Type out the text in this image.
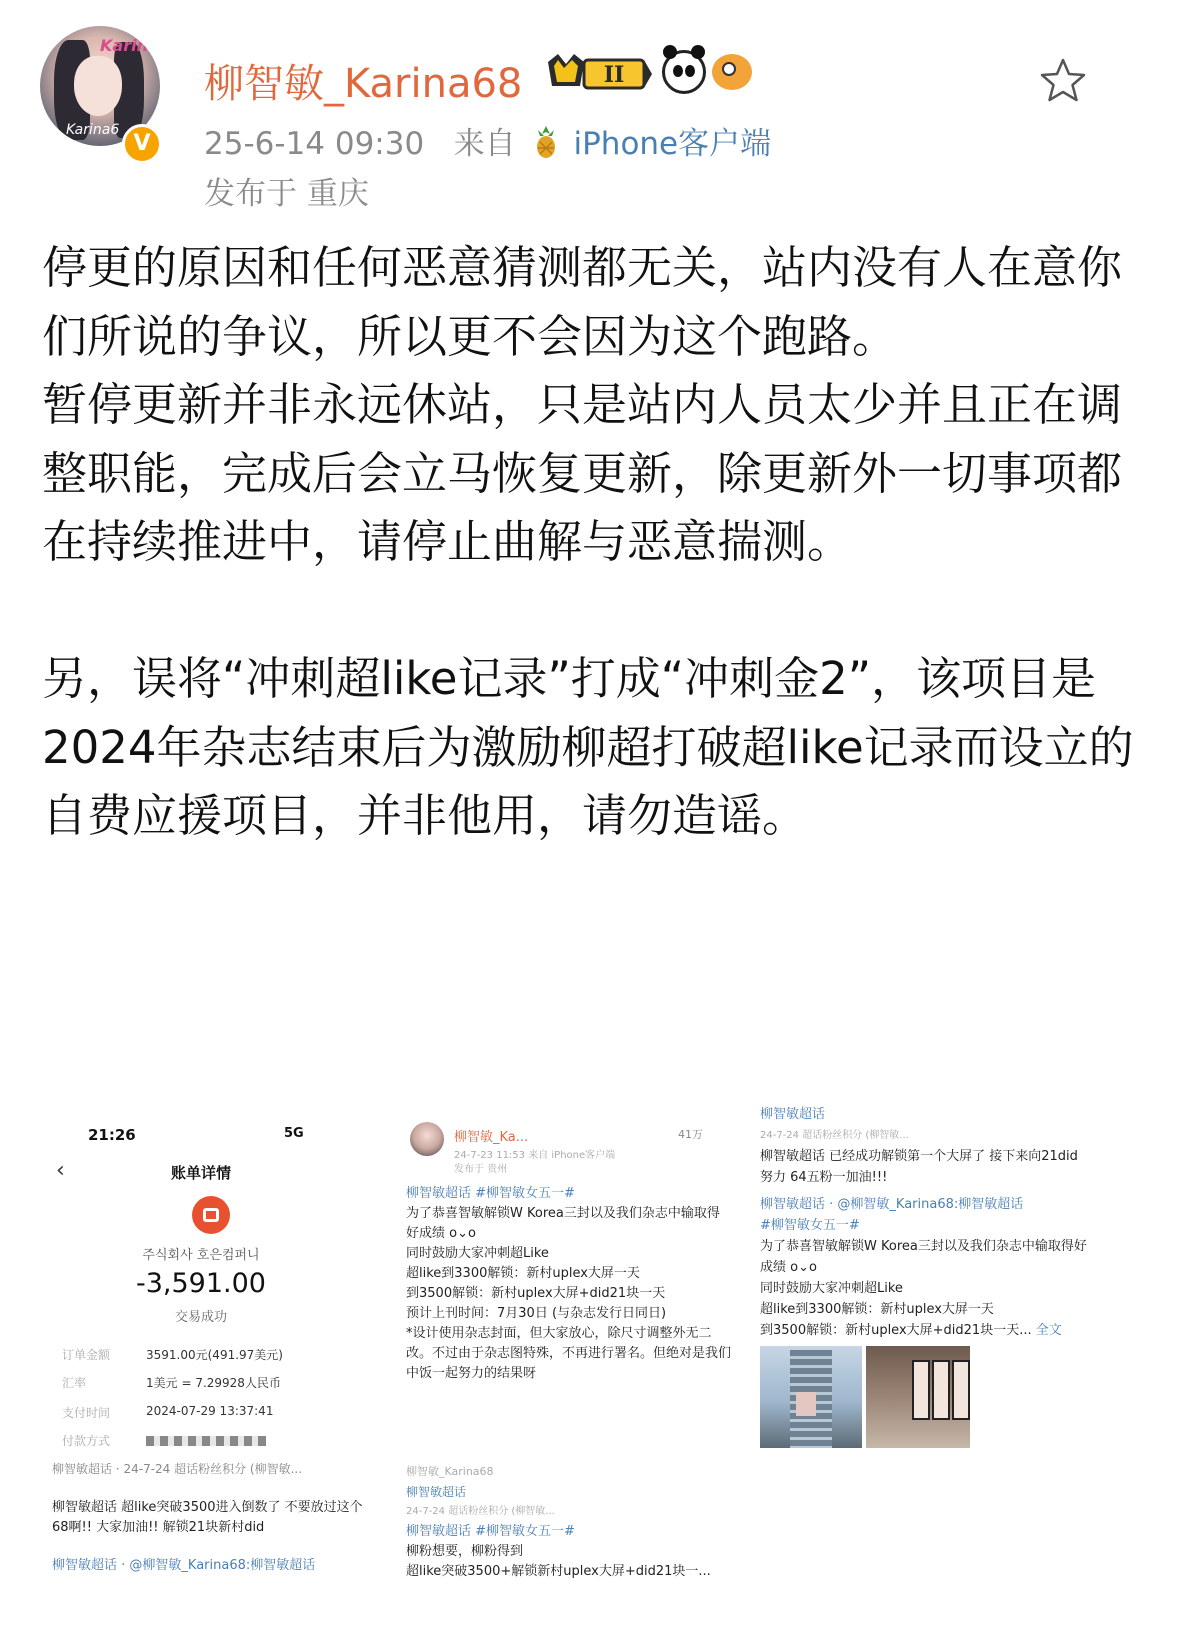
Karina
Karina6
V
柳智敏_Karina68	II
25-6-14 09:30 来自 iPhone客户端
发布于 重庆

停更的原因和任何恶意猜测都无关，站内没有人在意你们所说的争议，所以更不会因为这个跑路。

暂停更新并非永远休站，只是站内人员太少并且正在调整职能，完成后会立马恢复更新，除更新外一切事项都在持续推进中，请停止曲解与恶意揣测。

另，误将“冲刺超like记录”打成“冲刺金2”，该项目是2024年杂志结束后为激励柳超打破超like记录而设立的自费应援项目，并非他用，请勿造谣。

21:26	5G
‹	账单详情
주식회사 호은컴퍼니
-3,591.00
交易成功
订单金额	3591.00元(491.97美元)
汇率	1美元 = 7.29928人民币
支付时间	2024-07-29 13:37:41
付款方式
柳智敏超话 · 24-7-24 超话粉丝积分 (柳智敏...
柳智敏超话 超like突破3500进入倒数了 不要放过这个68啊!! 大家加油!! 解锁21块新村did
柳智敏超话 · @柳智敏_Karina68:柳智敏超话
柳智敏_Ka...
24-7-23 11:53 来自 iPhone客户端
发布于 贵州
41万

柳智敏超话 #柳智敏女五一#

为了恭喜智敏解锁W Korea三封以及我们杂志中输取得好成绩 o⌄o

同时鼓励大家冲刺超Like

超like到3300解锁：新村uplex大屏一天

到3500解锁：新村uplex大屏+did21块一天

预计上刊时间：7月30日 (与杂志发行日同日)

*设计使用杂志封面，但大家放心，除尺寸调整外无二改。不过由于杂志图特殊，不再进行署名。但绝对是我们中饭一起努力的结果呀

柳智敏_Karina68
柳智敏超话
24-7-24 超话粉丝积分 (柳智敏...
柳智敏超话 #柳智敏女五一#
柳粉想要，柳粉得到
超like突破3500+解锁新村uplex大屏+did21块一...

柳智敏超话

24-7-24 超话粉丝积分 (柳智敏...

柳智敏超话 已经成功解锁第一个大屏了 接下来向21did努力 64五粉一加油!!!

柳智敏超话 · @柳智敏_Karina68:柳智敏超话

#柳智敏女五一#

为了恭喜智敏解锁W Korea三封以及我们杂志中输取得好成绩 o⌄o

同时鼓励大家冲刺超Like

超like到3300解锁：新村uplex大屏一天

到3500解锁：新村uplex大屏+did21块一天... 全文
